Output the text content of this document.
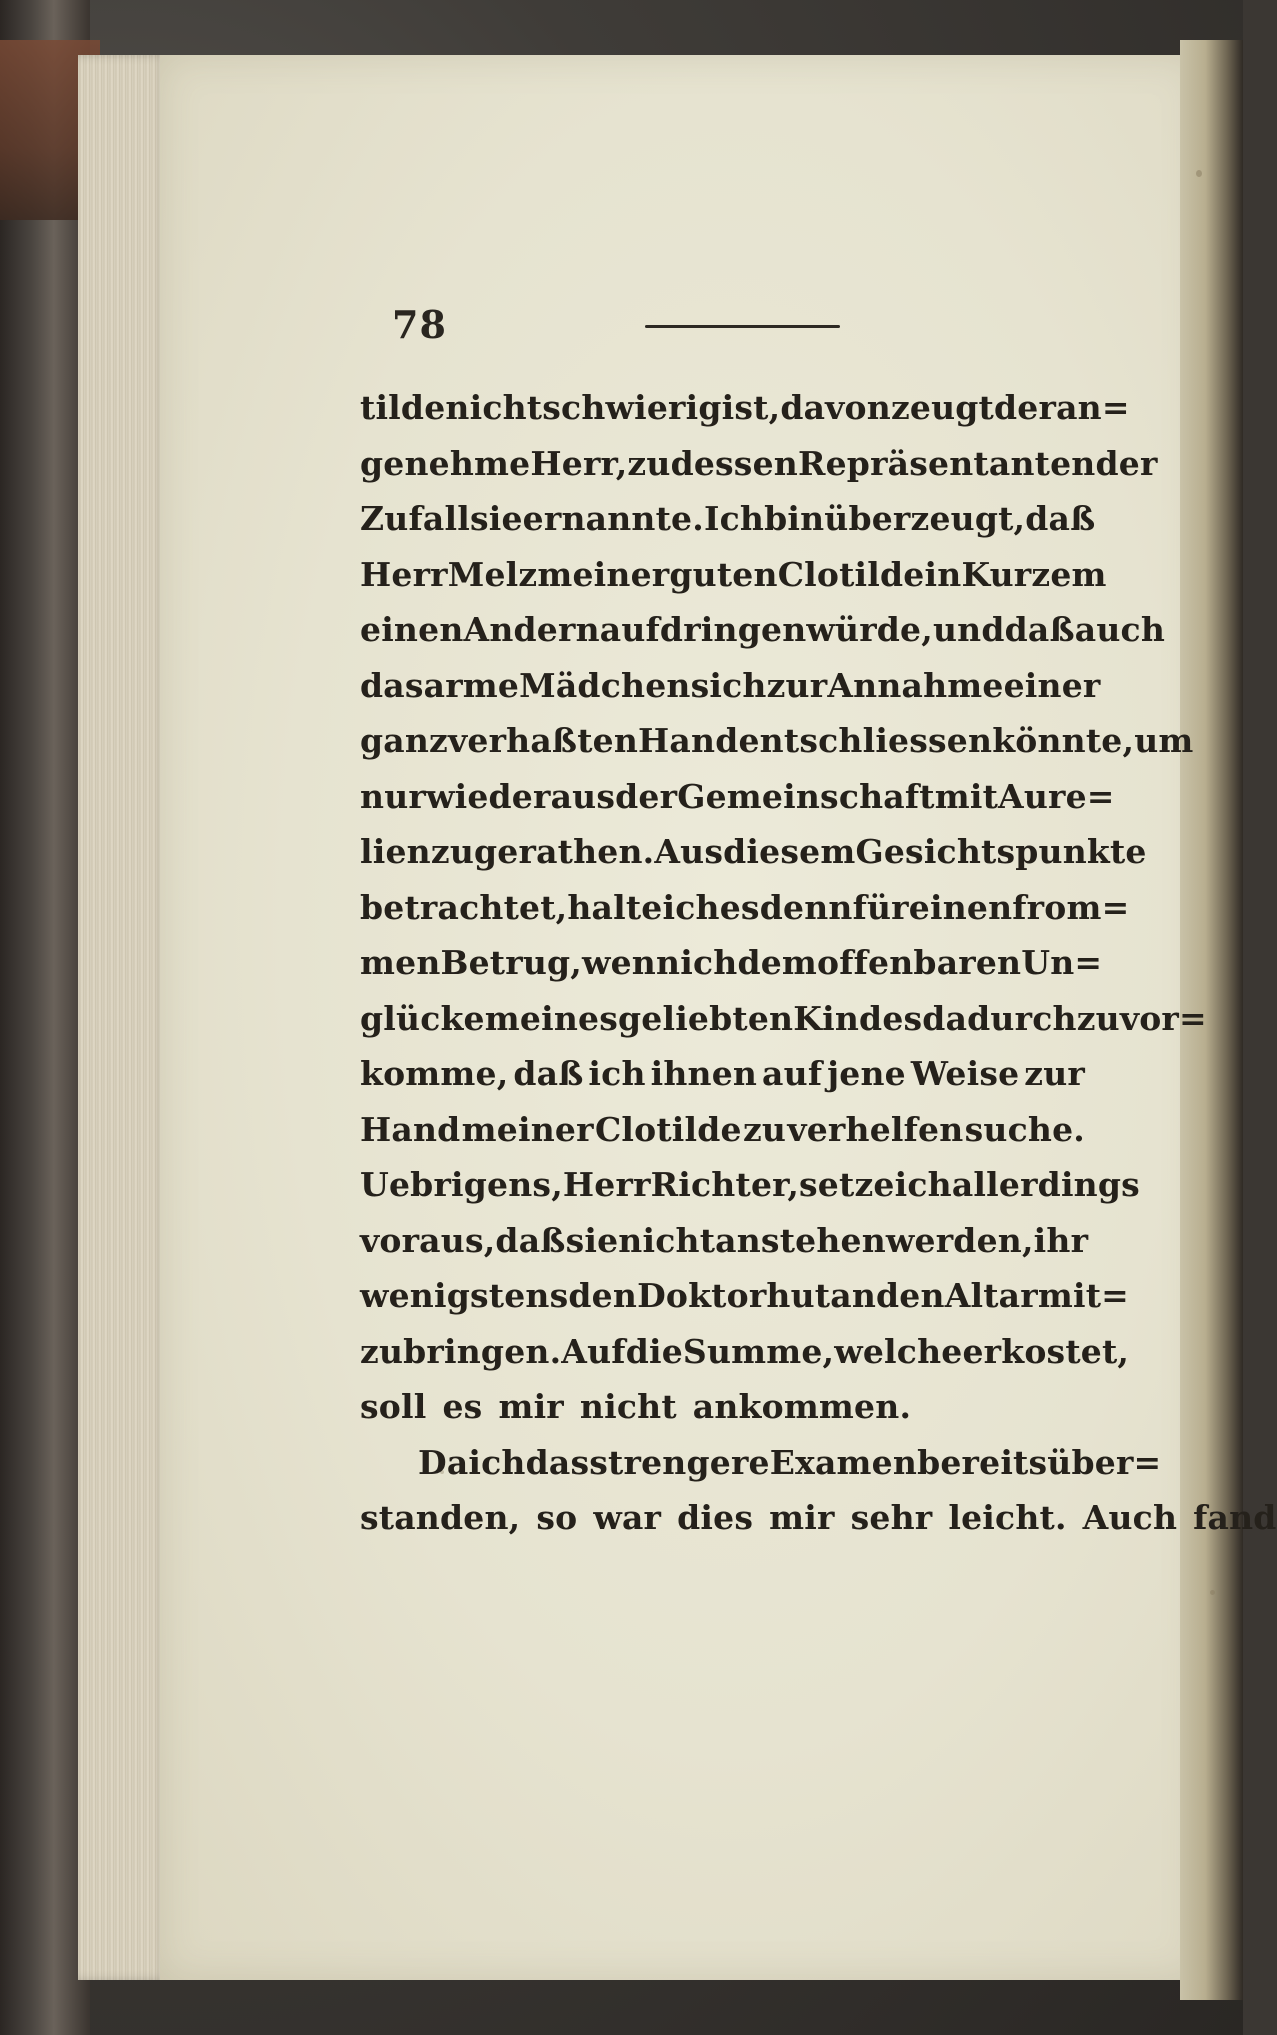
78
tilde nicht schwierig ist, davon zeugt der an=
genehme Herr, zu dessen Repräsentanten der
Zufall sie ernannte. Ich bin überzeugt, daß
Herr Melz meiner guten Clotilde in Kurzem
einen Andern aufdringen würde, und daß auch
das arme Mädchen sich zur Annahme einer
ganz verhaßten Hand entschliessen könnte, um
nur wieder aus der Gemeinschaft mit Aure=
lien zu gerathen. Aus diesem Gesichtspunkte
betrachtet, halte ich es denn für einen from=
men Betrug, wenn ich dem offenbaren Un=
glücke meines geliebten Kindes dadurch zuvor=
komme, daß ich ihnen auf jene Weise zur
Hand meiner Clotilde zu verhelfen suche.
Uebrigens, Herr Richter, setze ich allerdings
voraus, daß sie nicht anstehen werden, ihr
wenigstens den Doktorhut an den Altar mit=
zubringen. Auf die Summe, welche er kostet,
soll es mir nicht ankommen.
Da ich das strengere Examen bereits über=
standen, so war dies mir sehr leicht. Auch fand
